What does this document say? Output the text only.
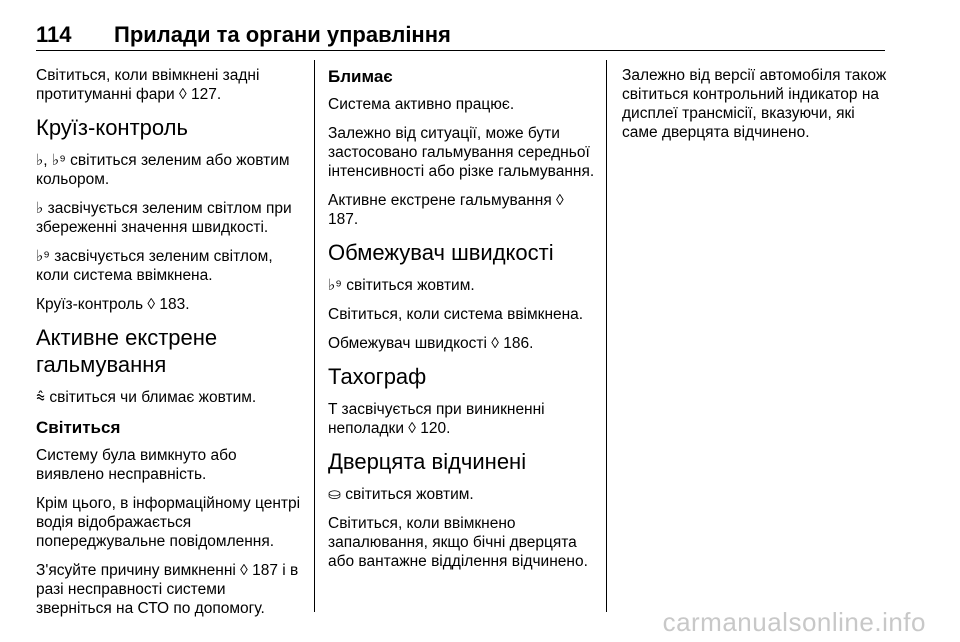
114 Прилади та органи управління

Світиться, коли ввімкнені задні протитуманні фари ◊ 127.

Круїз-контроль

♭, ♭⁹ світиться зеленим або жовтим кольором.

♭ засвічується зеленим світлом при збереженні значення швидкості.

♭⁹ засвічується зеленим світлом, коли система ввімкнена.

Круїз-контроль ◊ 183.

Активне екстрене гальмування

⩯ світиться чи блимає жовтим.

Світиться

Систему була вимкнуто або виявлено несправність.

Крім цього, в інформаційному центрі водія відображається попереджувальне повідомлення.

З'ясуйте причину вимкненні ◊ 187 і в разі несправності системи зверніться на СТО по допомогу.

Блимає

Система активно працює.

Залежно від ситуації, може бути застосовано гальмування середньої інтенсивності або різке гальмування.

Активне екстрене гальмування ◊ 187.

Обмежувач швидкості

♭⁹ світиться жовтим.

Світиться, коли система ввімкнена.

Обмежувач швидкості ◊ 186.

Тахограф

T засвічується при виникненні неполадки ◊ 120.

Дверцята відчинені

⛀ світиться жовтим.

Світиться, коли ввімкнено запалювання, якщо бічні дверцята або вантажне відділення відчинено.

Залежно від версії автомобіля також світиться контрольний індикатор на дисплеї трансмісії, вказуючи, які саме дверцята відчинено.

carmanualsonline.info
